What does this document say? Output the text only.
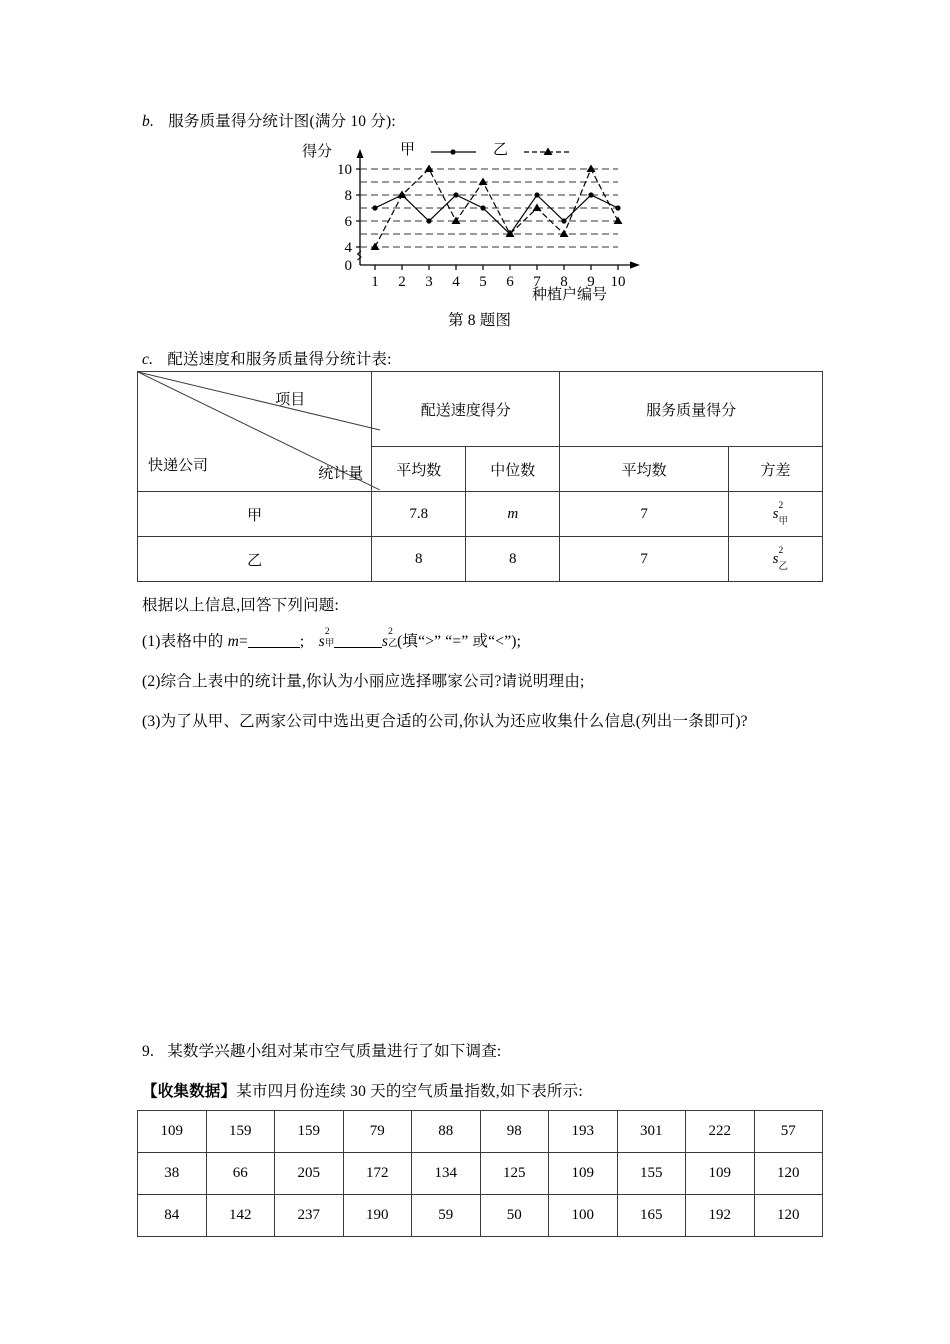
b. 服务质量得分统计图(满分 10 分):
0
4
6
8
10
1 2 3 4 5 6 7 8 9 10
得分	甲	乙
种植户编号
第 8 题图
c. 配送速度和服务质量得分统计表:
项目
快递公司 统计量	配送速度得分		服务质量得分	
	平均数	中位数	平均数	方差
甲	7.8	m	7	s 2
甲

乙	8	8	7	s 2
乙
根据以上信息,回答下列问题:
(1)表格中的 m=	; s
2
甲	s
2
乙 (填“>” “=” 或“<”);
(2)综合上表中的统计量,你认为小丽应选择哪家公司?请说明理由;
(3)为了从甲、乙两家公司中选出更合适的公司,你认为还应收集什么信息(列出一条即可)?
9. 某数学兴趣小组对某市空气质量进行了如下调查:
【收集数据】某市四月份连续 30 天的空气质量指数,如下表所示:
109	159	159	79	88	98	193	301	222	57
38	66	205	172	134	125	109	155	109	120
84	142	237	190	59	50	100	165	192	120
